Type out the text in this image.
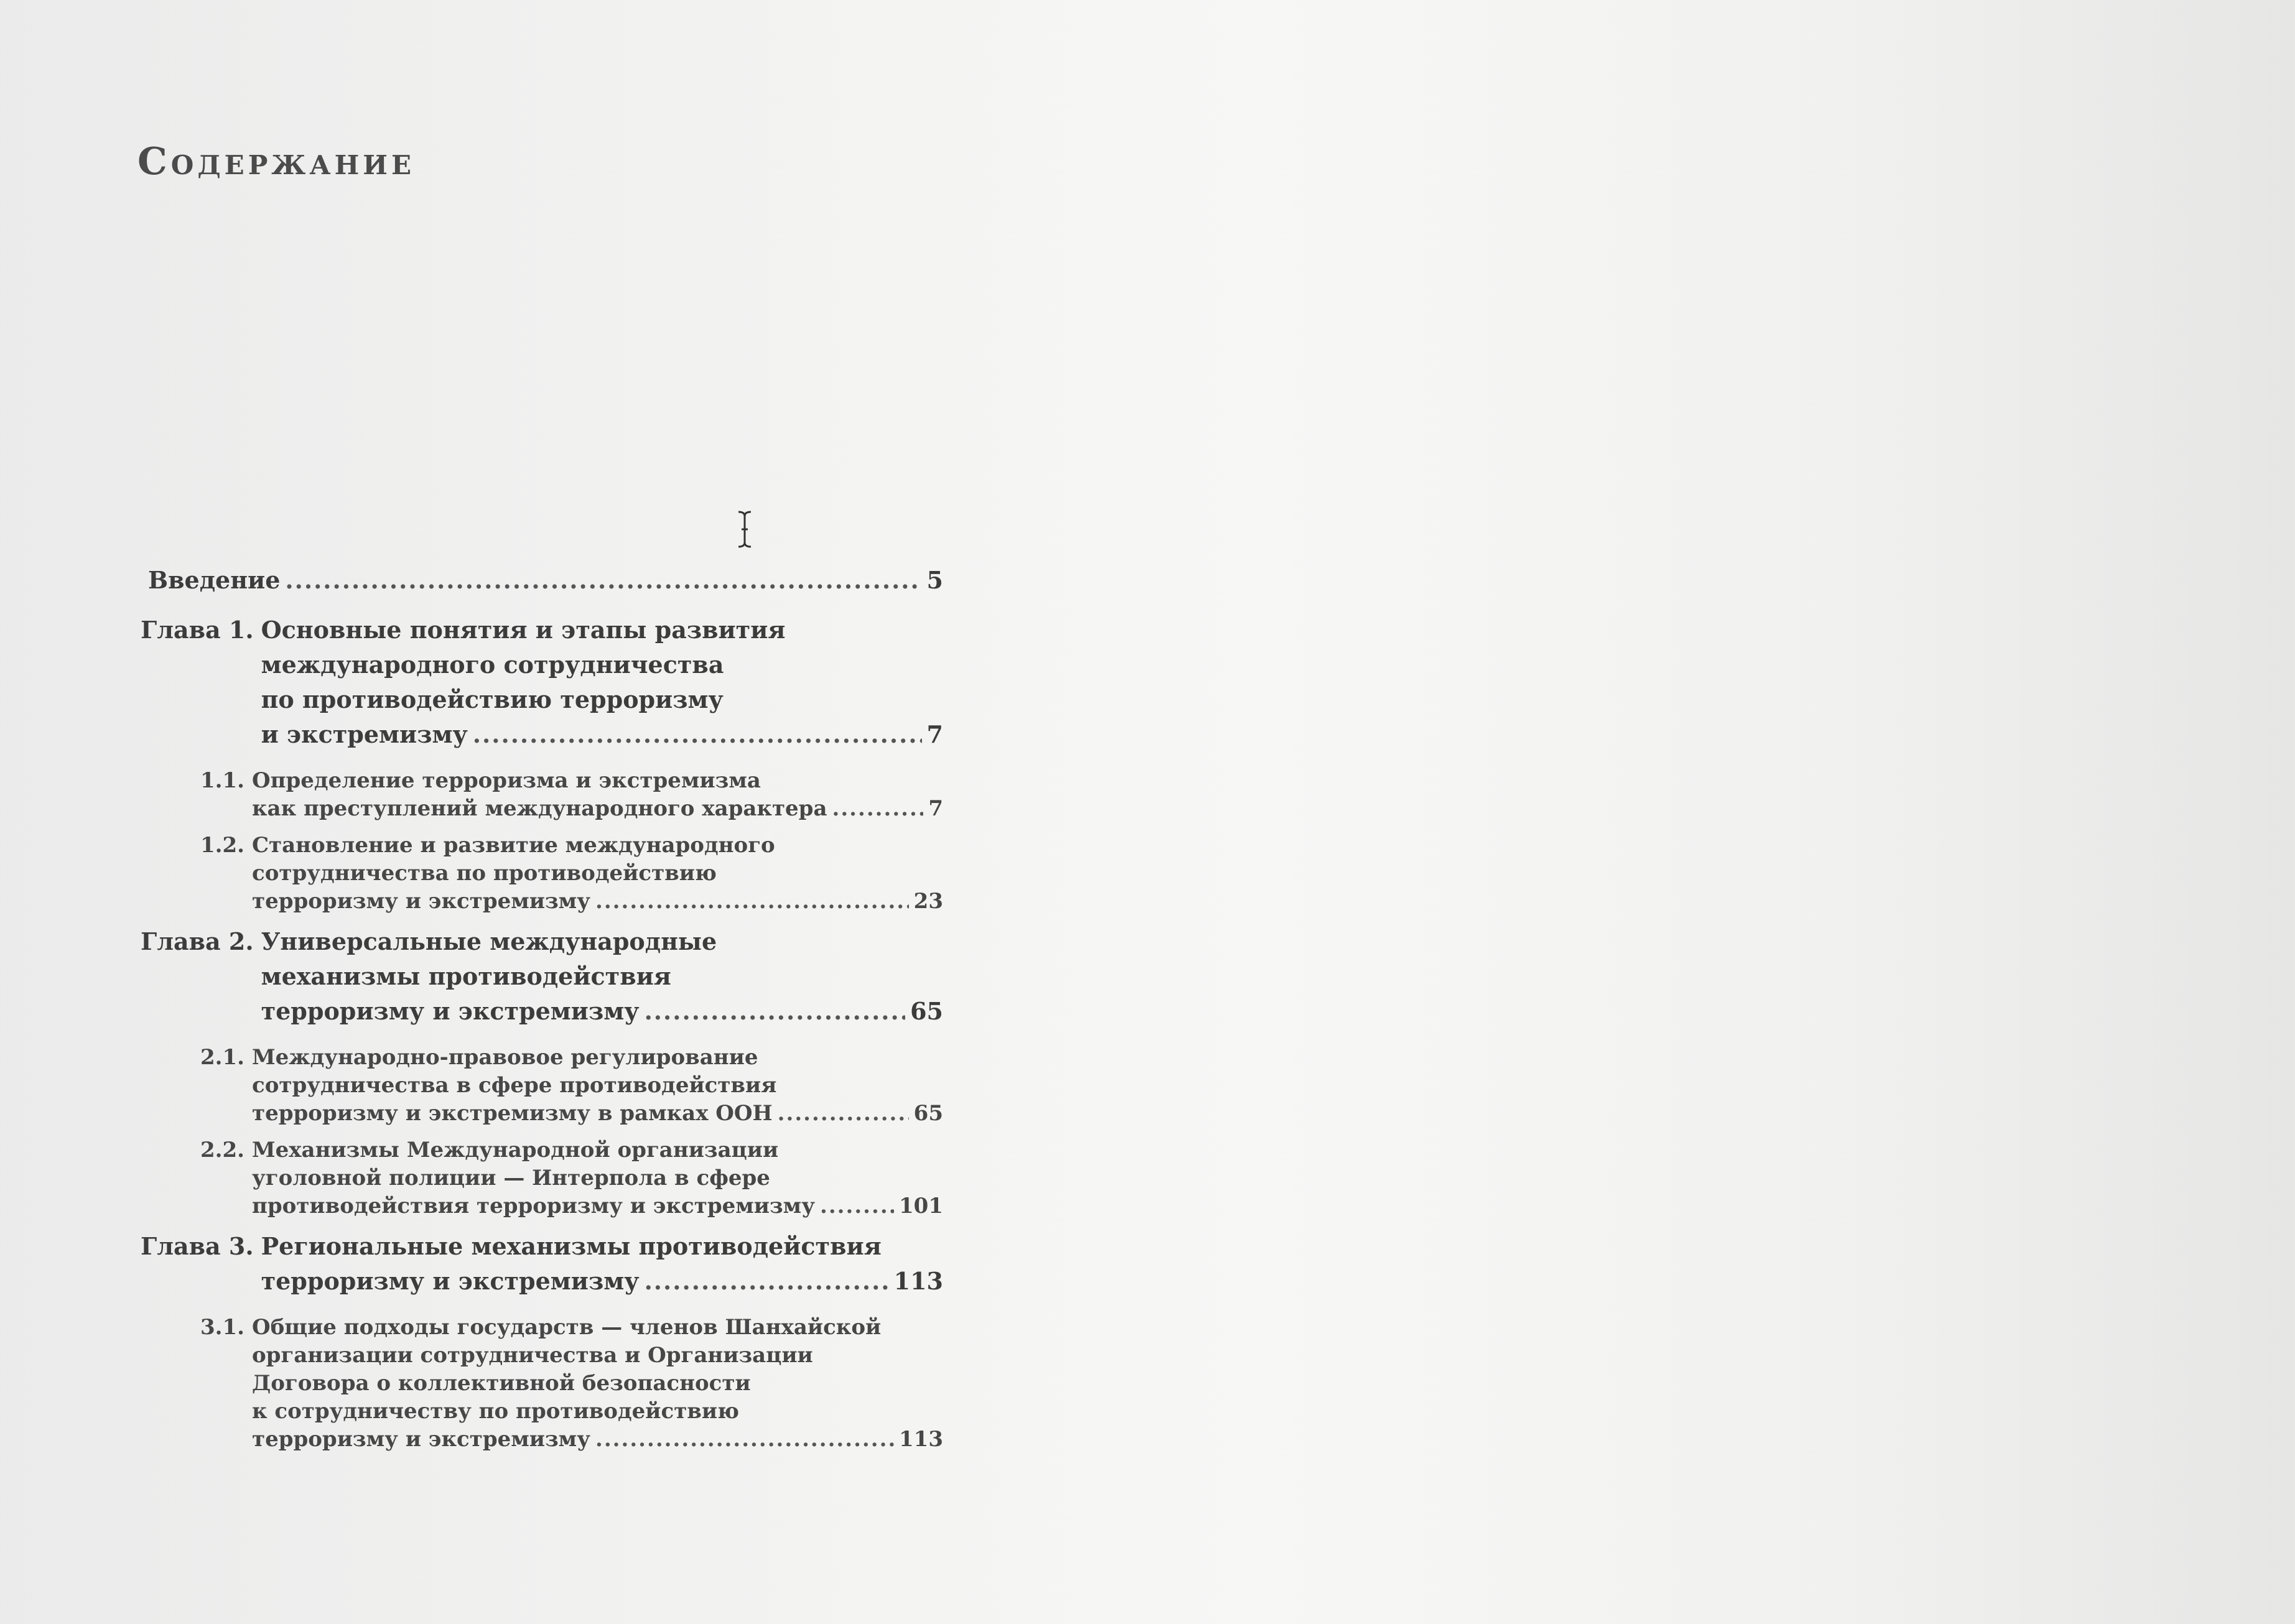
Содержание
Введение .....	5
Глава 1. Основные понятия и этапы развития
международного сотрудничества
по противодействию терроризму
и экстремизму .....	7
1.1. Определение терроризма и экстремизма
как преступлений международного характера .....	7
1.2. Становление и развитие международного
сотрудничества по противодействию
терроризму и экстремизму .....	23
Глава 2. Универсальные международные
механизмы противодействия
терроризму и экстремизму .....	65
2.1. Международно-правовое регулирование
сотрудничества в сфере противодействия
терроризму и экстремизму в рамках ООН .....	65
2.2. Механизмы Международной организации
уголовной полиции — Интерпола в сфере
противодействия терроризму и экстремизму .....	101
Глава 3. Региональные механизмы противодействия
терроризму и экстремизму .....	113
3.1. Общие подходы государств — членов Шанхайской
организации сотрудничества и Организации
Договора о коллективной безопасности
к сотрудничеству по противодействию
терроризму и экстремизму .....	113
